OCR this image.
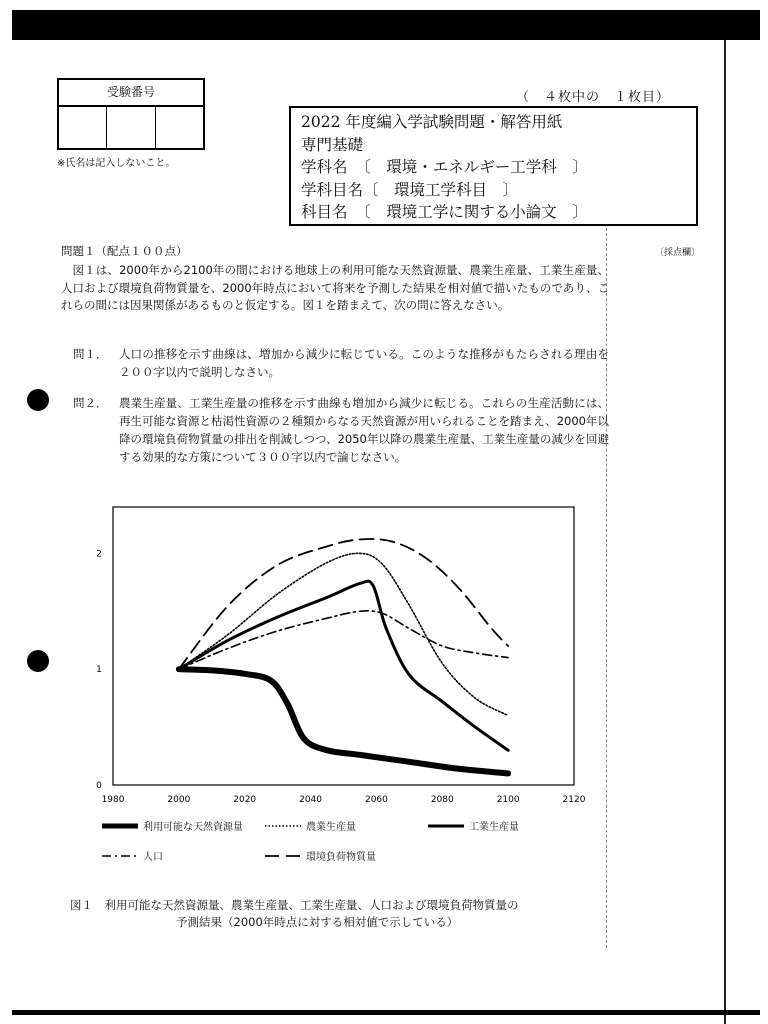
受験番号
※氏名は記入しないこと。
（　４枚中の　１枚目）
2022 年度編入学試験問題・解答用紙
専門基礎
学科名　〔　環境・エネルギー工学科　〕
学科目名〔　環境工学科目　〕
科目名　〔　環境工学に関する小論文　〕
〔採点欄〕
問題１（配点１００点）
図１は、2000年から2100年の間における地球上の利用可能な天然資源量、農業生産量、工業生産量、人口および環境負荷物質量を、2000年時点において将来を予測した結果を相対値で描いたものであり、これらの間には因果関係があるものと仮定する。図１を踏まえて、次の問に答えなさい。
問１．	人口の推移を示す曲線は、増加から減少に転じている。このような推移がもたらされる理由を２００字以内で説明しなさい。
問２．	農業生産量、工業生産量の推移を示す曲線も増加から減少に転じる。これらの生産活動には、再生可能な資源と枯渇性資源の２種類からなる天然資源が用いられることを踏まえ、2000年以降の環境負荷物質量の排出を削減しつつ、2050年以降の農業生産量、工業生産量の減少を回避する効果的な方策について３００字以内で論じなさい。
1980	2000	2020	2040	2060	2080	2100	2120
0
1
2
利用可能な天然資源量	農業生産量	工業生産量
人口	環境負荷物質量
図１　利用可能な天然資源量、農業生産量、工業生産量、人口および環境負荷物質量の
予測結果（2000年時点に対する相対値で示している）
